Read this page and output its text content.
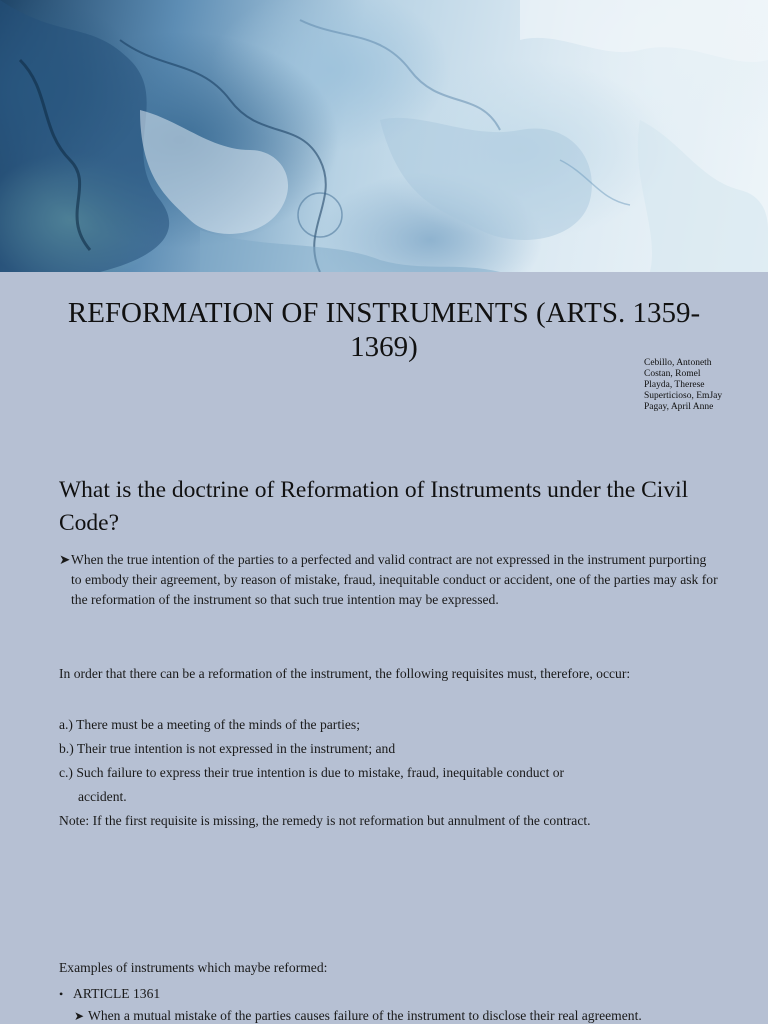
REFORMATION OF INSTRUMENTS (ARTS. 1359-1369)	Cebillo, Antoneth
Costan, Romel
Playda, Therese
Superticioso, EmJay
Pagay, April Anne
What is the doctrine of Reformation of Instruments under the Civil Code?
➤When the true intention of the parties to a perfected and valid contract are not expressed in the instrument purporting to embody their agreement, by reason of mistake, fraud, inequitable conduct or accident, one of the parties may ask for the reformation of the instrument so that such true intention may be expressed.
In order that there can be a reformation of the instrument, the following requisites must, therefore, occur:
a.) There must be a meeting of the minds of the parties;
b.) Their true intention is not expressed in the instrument; and
c.) Such failure to express their true intention is due to mistake, fraud, inequitable conduct or
accident.
Note: If the first requisite is missing, the remedy is not reformation but annulment of the contract.
Examples of instruments which maybe reformed:
• ARTICLE 1361
➤ When a mutual mistake of the parties causes failure of the instrument to disclose their real agreement.
